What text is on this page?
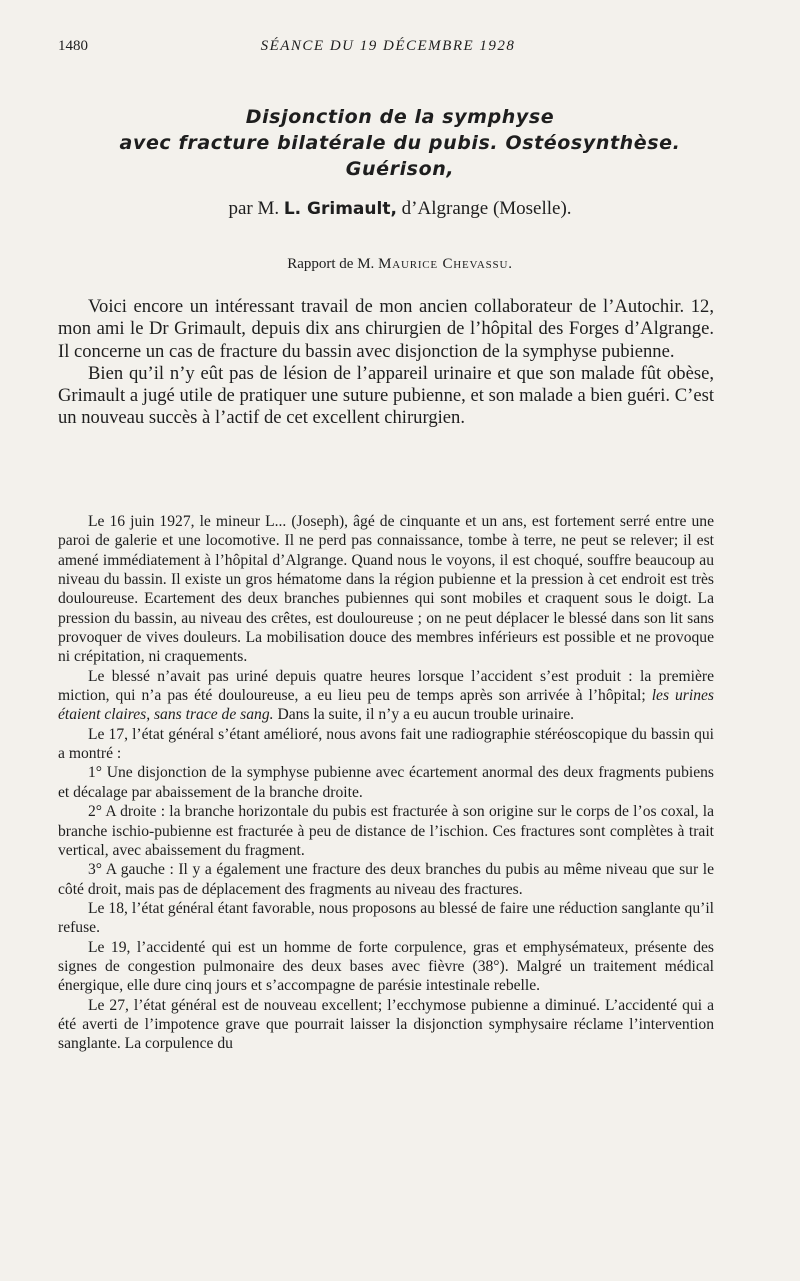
1480	SÉANCE DU 19 DÉCEMBRE 1928
Disjonction de la symphyse
avec fracture bilatérale du pubis. Ostéosynthèse.
Guérison,
par M. L. Grimault, d’Algrange (Moselle).
Rapport de M. Maurice Chevassu.

Voici encore un intéressant travail de mon ancien collaborateur de l’Autochir. 12, mon ami le Dr Grimault, depuis dix ans chirurgien de l’hôpital des Forges d’Algrange. Il concerne un cas de fracture du bassin avec disjonction de la symphyse pubienne.

Bien qu’il n’y eût pas de lésion de l’appareil urinaire et que son malade fût obèse, Grimault a jugé utile de pratiquer une suture pubienne, et son malade a bien guéri. C’est un nouveau succès à l’actif de cet excellent chirurgien.

Le 16 juin 1927, le mineur L... (Joseph), âgé de cinquante et un ans, est fortement serré entre une paroi de galerie et une locomotive. Il ne perd pas connaissance, tombe à terre, ne peut se relever; il est amené immédiatement à l’hôpital d’Algrange. Quand nous le voyons, il est choqué, souffre beaucoup au niveau du bassin. Il existe un gros hématome dans la région pubienne et la pression à cet endroit est très douloureuse. Ecartement des deux branches pubiennes qui sont mobiles et craquent sous le doigt. La pression du bassin, au niveau des crêtes, est douloureuse ; on ne peut déplacer le blessé dans son lit sans provoquer de vives douleurs. La mobilisation douce des membres inférieurs est possible et ne provoque ni crépitation, ni craquements.

Le blessé n’avait pas uriné depuis quatre heures lorsque l’accident s’est produit : la première miction, qui n’a pas été douloureuse, a eu lieu peu de temps après son arrivée à l’hôpital; les urines étaient claires, sans trace de sang. Dans la suite, il n’y a eu aucun trouble urinaire.

Le 17, l’état général s’étant amélioré, nous avons fait une radiographie stéréoscopique du bassin qui a montré :

1° Une disjonction de la symphyse pubienne avec écartement anormal des deux fragments pubiens et décalage par abaissement de la branche droite.

2° A droite : la branche horizontale du pubis est fracturée à son origine sur le corps de l’os coxal, la branche ischio-pubienne est fracturée à peu de distance de l’ischion. Ces fractures sont complètes à trait vertical, avec abaissement du fragment.

3° A gauche : Il y a également une fracture des deux branches du pubis au même niveau que sur le côté droit, mais pas de déplacement des fragments au niveau des fractures.

Le 18, l’état général étant favorable, nous proposons au blessé de faire une réduction sanglante qu’il refuse.

Le 19, l’accidenté qui est un homme de forte corpulence, gras et emphysémateux, présente des signes de congestion pulmonaire des deux bases avec fièvre (38°). Malgré un traitement médical énergique, elle dure cinq jours et s’accompagne de parésie intestinale rebelle.

Le 27, l’état général est de nouveau excellent; l’ecchymose pubienne a diminué. L’accidenté qui a été averti de l’impotence grave que pourrait laisser la disjonction symphysaire réclame l’intervention sanglante. La corpulence du
